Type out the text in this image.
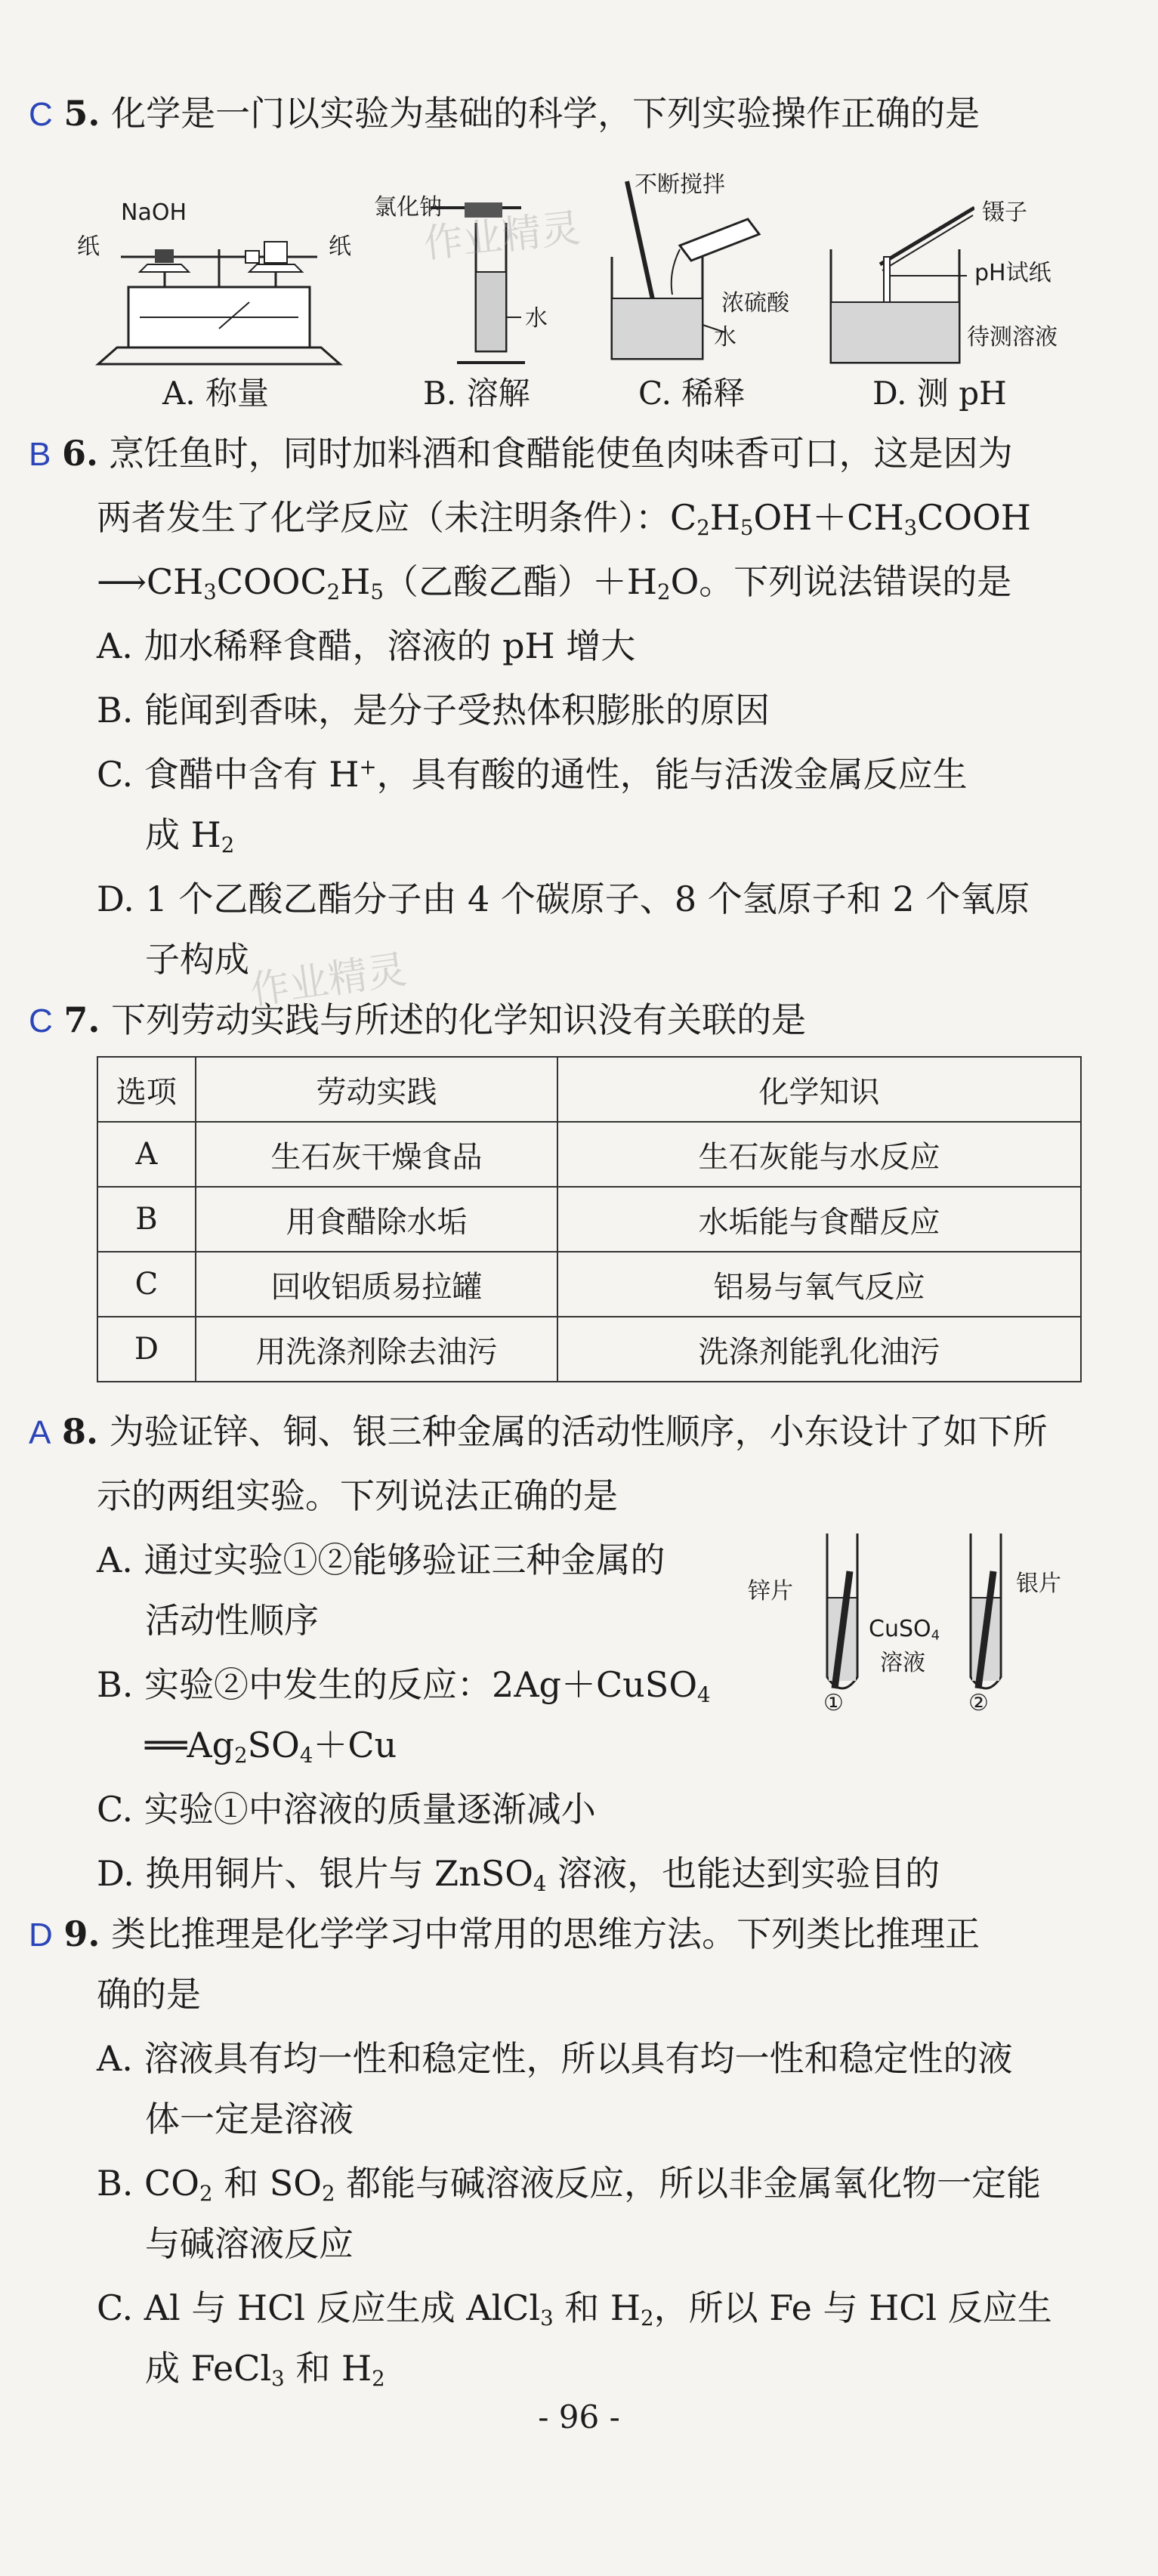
C 5. 化学是一门以实验为基础的科学，下列实验操作正确的是
NaOH
纸	纸
氯化钠
水
不断搅拌
浓硫酸
水
镊子
pH试纸
待测溶液
A. 称量	B. 溶解	C. 稀释	D. 测 pH
B 6. 烹饪鱼时，同时加料酒和食醋能使鱼肉味香可口，这是因为
两者发生了化学反应（未注明条件）：$C_2H_5OH+CH_3COOH$
$⟶CH_3COOC_2H_5$（乙酸乙酯）$+H_2O$。下列说法错误的是
A. 加水稀释食醋，溶液的 pH 增大
B. 能闻到香味，是分子受热体积膨胀的原因
C. 食醋中含有 H+，具有酸的通性，能与活泼金属反应生
成 $H_2$
D. 1 个乙酸乙酯分子由 4 个碳原子、8 个氢原子和 2 个氧原
子构成
作业精灵
C 7. 下列劳动实践与所述的化学知识没有关联的是
选项	劳动实践	化学知识
A	生石灰干燥食品	生石灰能与水反应
B	用食醋除水垢	水垢能与食醋反应
C	回收铝质易拉罐	铝易与氧气反应
D	用洗涤剂除去油污	洗涤剂能乳化油污
A 8. 为验证锌、铜、银三种金属的活动性顺序，小东设计了如下所
示的两组实验。下列说法正确的是
A. 通过实验①②能够验证三种金属的
活动性顺序
B. 实验②中发生的反应：2Ag＋CuSO$_4$
$══Ag_2SO_4+Cu$
C. 实验①中溶液的质量逐渐减小
D. 换用铜片、银片与 ZnSO$_4$ 溶液，也能达到实验目的
锌片	银片
CuSO$_4$
溶液
①	②
D 9. 类比推理是化学学习中常用的思维方法。下列类比推理正
确的是
A. 溶液具有均一性和稳定性，所以具有均一性和稳定性的液
体一定是溶液
B. $CO_2$ 和 $SO_2$ 都能与碱溶液反应，所以非金属氧化物一定能
与碱溶液反应
C. Al 与 HCl 反应生成 AlCl$_3$ 和 $H_2$，所以 Fe 与 HCl 反应生
成 FeCl$_3$ 和 $H_2$
作业精灵
- 96 -
